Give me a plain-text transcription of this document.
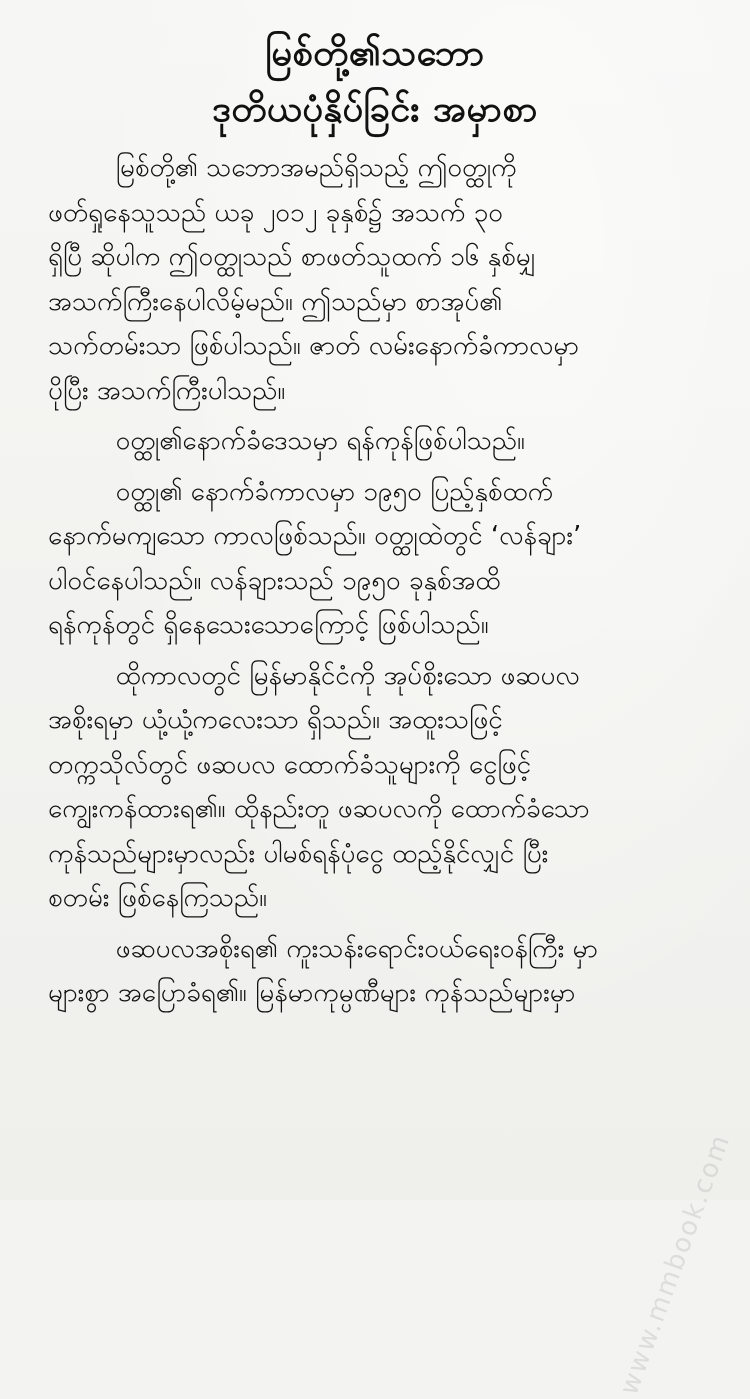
မြစ်တို့၏သဘော
ဒုတိယပုံနှိပ်ခြင်း အမှာစာ
မြစ်တို့၏ သဘောအမည်ရှိသည့် ဤဝတ္ထုကို
ဖတ်ရှုနေသူသည် ယခု ၂၀၁၂ ခုနှစ်၌ အသက် ၃၀
ရှိပြီ ဆိုပါက ဤဝတ္ထုသည် စာဖတ်သူထက် ၁၆ နှစ်မျှ
အသက်ကြီးနေပါလိမ့်မည်။ ဤသည်မှာ စာအုပ်၏
သက်တမ်းသာ ဖြစ်ပါသည်။ ဇာတ် လမ်းနောက်ခံကာလမှာ
ပိုပြီး အသက်ကြီးပါသည်။
ဝတ္ထု၏နောက်ခံဒေသမှာ ရန်ကုန်ဖြစ်ပါသည်။
ဝတ္ထု၏ နောက်ခံကာလမှာ ၁၉၅၀ ပြည့်နှစ်ထက်
နောက်မကျသော ကာလဖြစ်သည်။ ဝတ္ထုထဲတွင် ‘လန်ချား’
ပါဝင်နေပါသည်။ လန်ချားသည် ၁၉၅၀ ခုနှစ်အထိ
ရန်ကုန်တွင် ရှိနေသေးသောကြောင့် ဖြစ်ပါသည်။
ထိုကာလတွင် မြန်မာနိုင်ငံကို အုပ်စိုးသော ဖဆပလ
အစိုးရမှာ ယုံ့ယုံ့ကလေးသာ ရှိသည်။ အထူးသဖြင့်
တက္ကသိုလ်တွင် ဖဆပလ ထောက်ခံသူများကို ငွေဖြင့်
ကျွေးကန်ထားရ၏။ ထိုနည်းတူ ဖဆပလကို ထောက်ခံသော
ကုန်သည်များမှာလည်း ပါမစ်ရန်ပုံငွေ ထည့်နိုင်လျှင် ပြီး
စတမ်း ဖြစ်နေကြသည်။
ဖဆပလအစိုးရ၏ ကူးသန်းရောင်းဝယ်ရေးဝန်ကြီး မှာ
များစွာ အပြောခံရ၏။ မြန်မာကုမ္ပဏီများ ကုန်သည်များမှာ
www.mmbook.com
